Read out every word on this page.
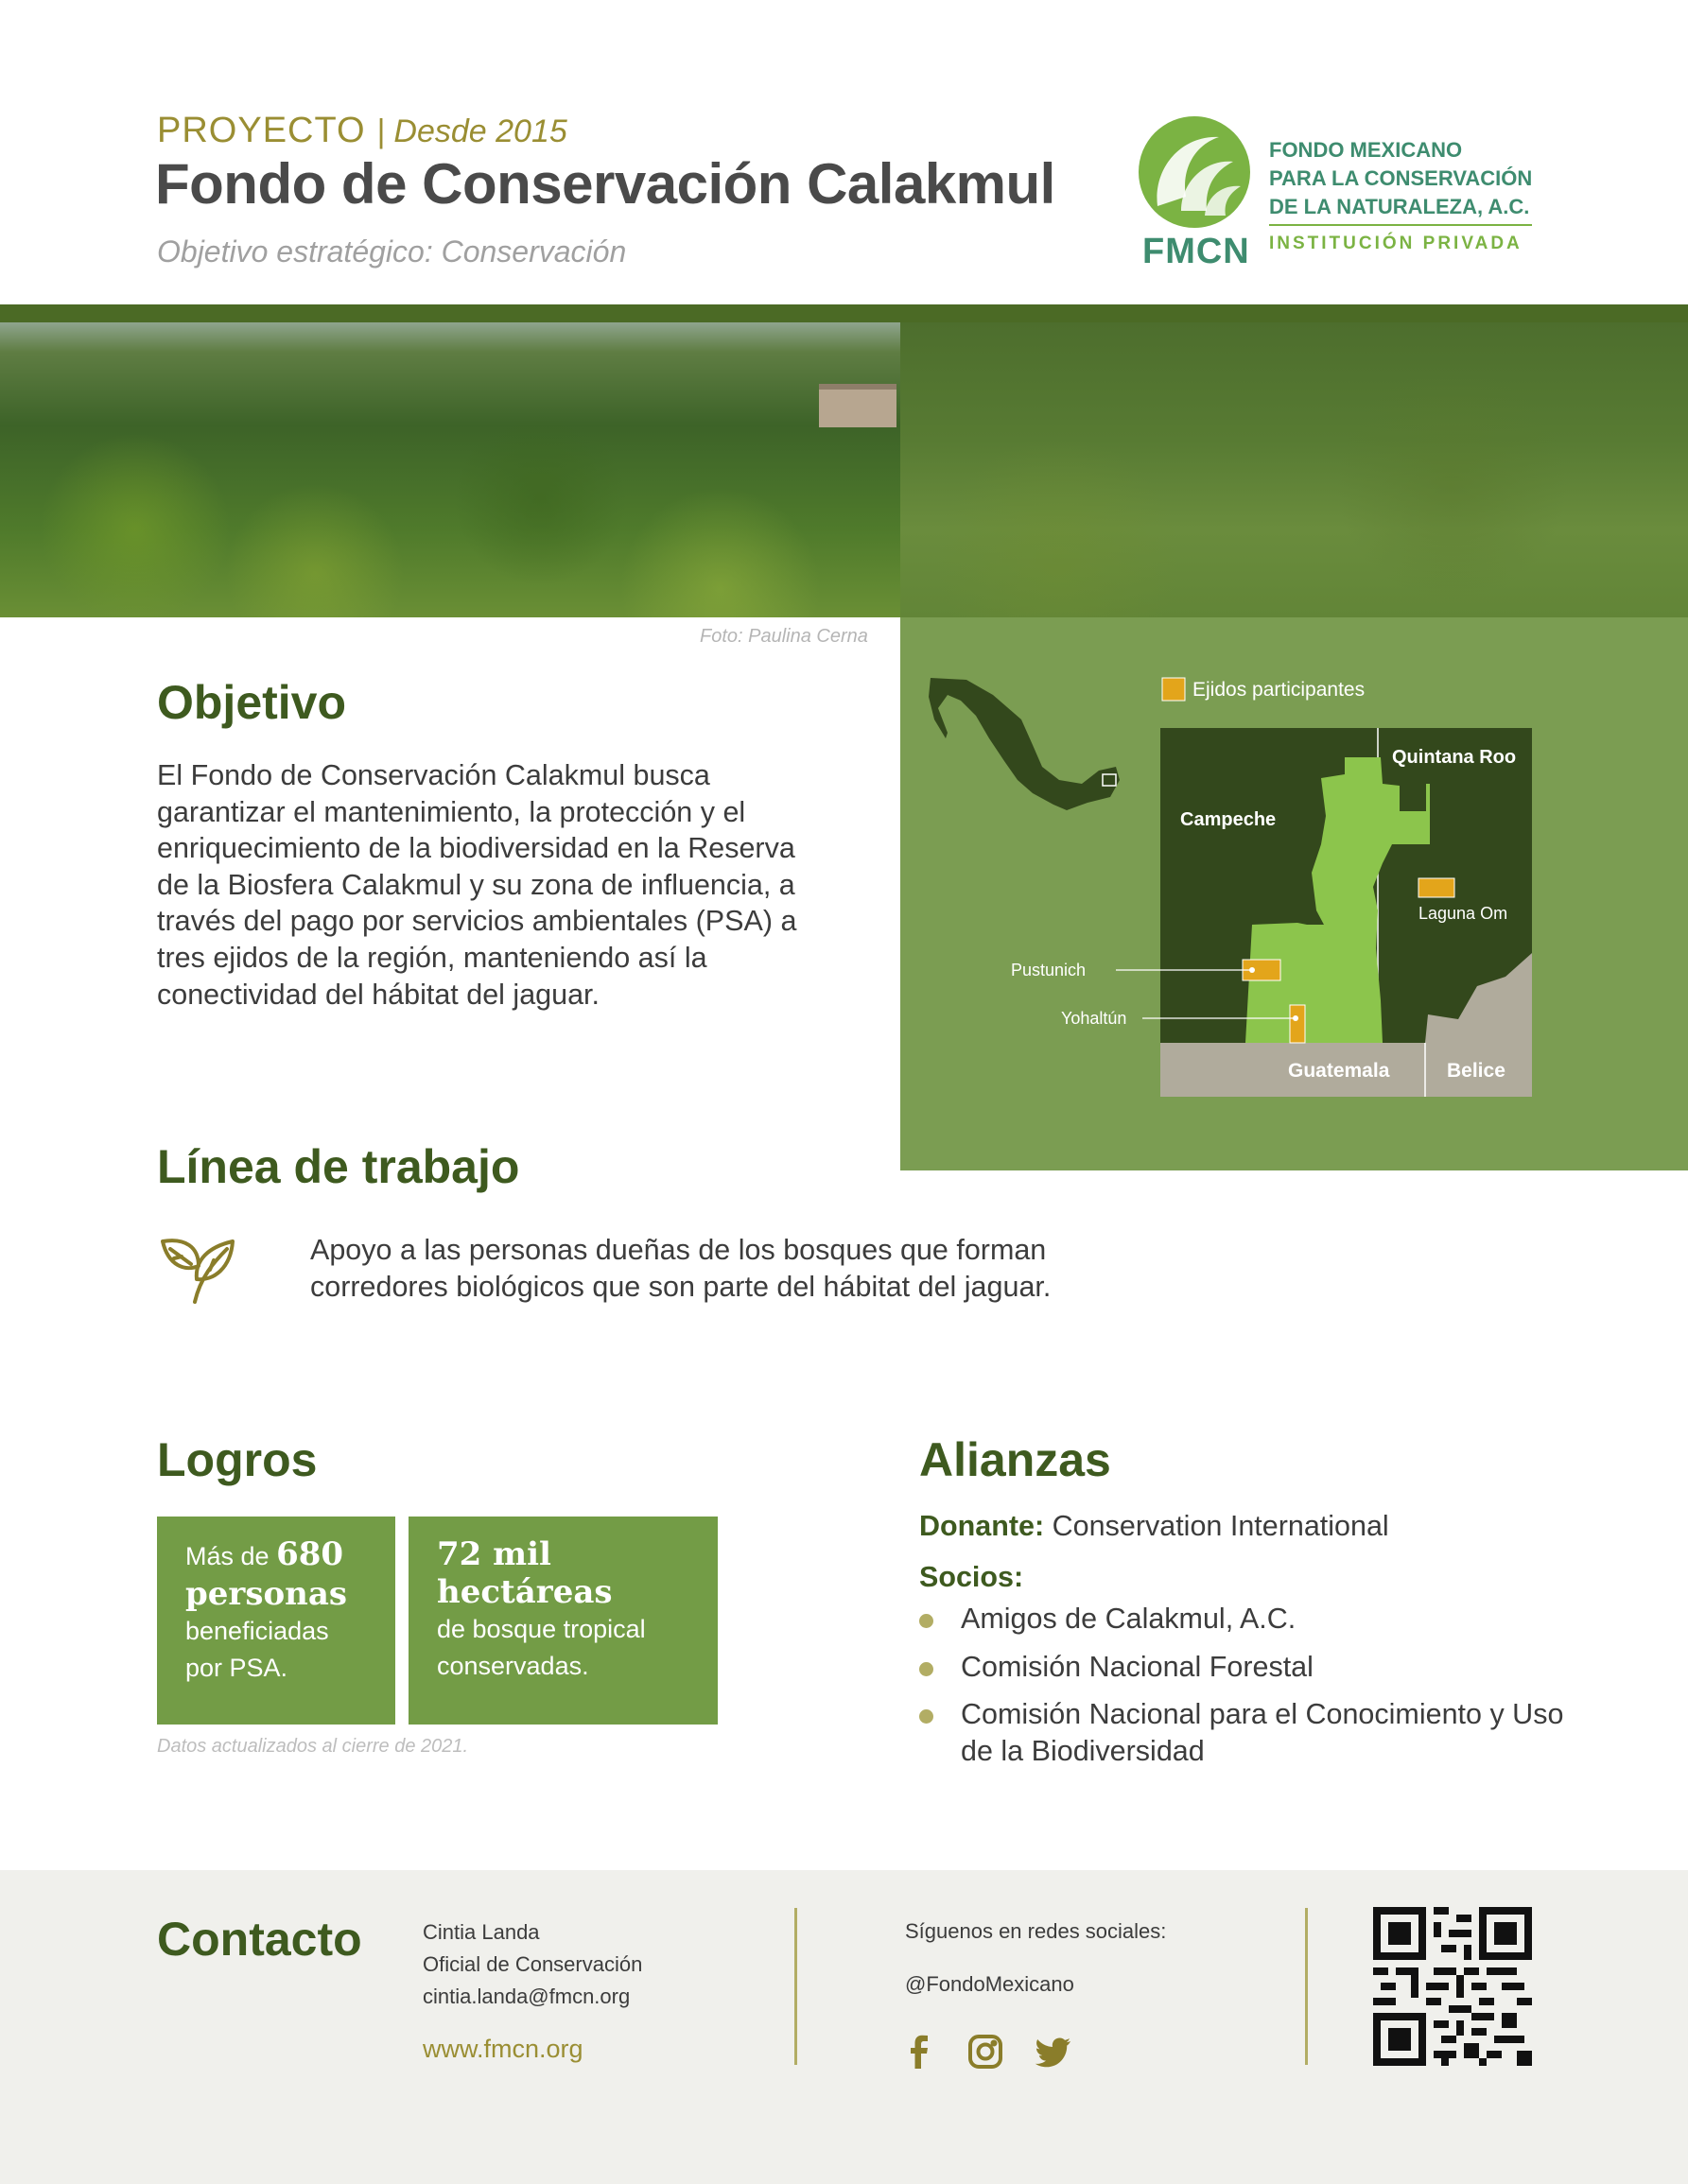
PROYECTO | Desde 2015
Fondo de Conservación Calakmul
Objetivo estratégico: Conservación	FMCN
FONDO MEXICANO
PARA LA CONSERVACIÓN
DE LA NATURALEZA, A.C.
INSTITUCIÓN PRIVADA
Foto: Paulina Cerna
Ejidos participantes
Quintana Roo
Campeche
Laguna Om
Pustunich
Yohaltún
Guatemala	Belice
Objetivo
El Fondo de Conservación Calakmul busca garantizar el mantenimiento, la protección y el enriquecimiento de la biodiversidad en la Reserva de la Biosfera Calakmul y su zona de influencia, a través del pago por servicios ambientales (PSA) a tres ejidos de la región, manteniendo así la conectividad del hábitat del jaguar.
Línea de trabajo
Apoyo a las personas dueñas de los bosques que forman corredores biológicos que son parte del hábitat del jaguar.
Logros
Más de 680
personas
beneficiadas
por PSA.
72 mil
hectáreas
de bosque tropical
conservadas.
Datos actualizados al cierre de 2021.
Alianzas
Donante: Conservation International
Socios:
Amigos de Calakmul, A.C.
Comisión Nacional Forestal
Comisión Nacional para el Conocimiento y Uso de la Biodiversidad
Contacto	Cintia Landa
Oficial de Conservación
cintia.landa@fmcn.org
www.fmcn.org
Síguenos en redes sociales:
@FondoMexicano
